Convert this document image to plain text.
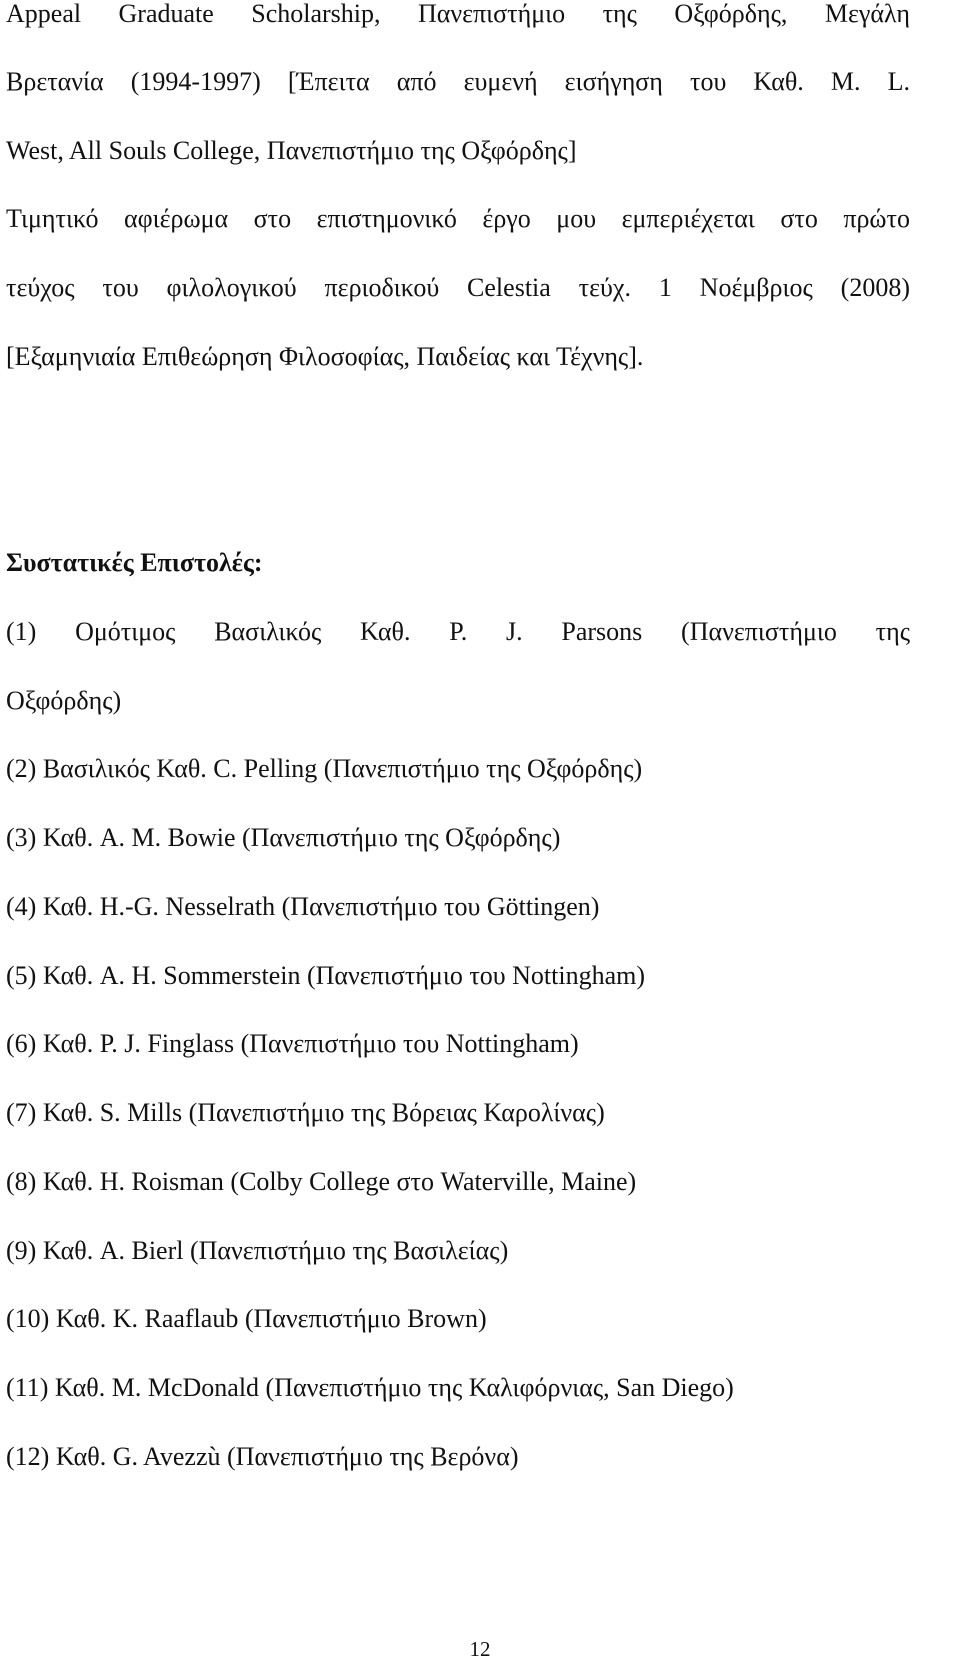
Appeal Graduate Scholarship, Πανεπιστήμιο της Οξφόρδης, Μεγάλη
Βρετανία (1994-1997) [Έπειτα από ευμενή εισήγηση του Καθ. Μ. L.
West, All Souls College, Πανεπιστήμιο της Οξφόρδης]
Τιμητικό αφιέρωμα στο επιστημονικό έργο μου εμπεριέχεται στο πρώτο
τεύχος του φιλολογικού περιοδικού Celestia τεύχ. 1 Νοέμβριος (2008)
[Εξαμηνιαία Επιθεώρηση Φιλοσοφίας, Παιδείας και Τέχνης].
Συστατικές Επιστολές:
(1) Ομότιμος Βασιλικός Καθ. P. J. Parsons (Πανεπιστήμιο της
Οξφόρδης)
(2) Βασιλικός Καθ. C. Pelling (Πανεπιστήμιο της Οξφόρδης)
(3) Καθ. A. M. Bowie (Πανεπιστήμιο της Οξφόρδης)
(4) Καθ. H.-G. Nesselrath (Πανεπιστήμιο του Göttingen)
(5) Καθ. A. H. Sommerstein (Πανεπιστήμιο του Nottingham)
(6) Καθ. P. J. Finglass (Πανεπιστήμιο του Nottingham)
(7) Καθ. S. Mills (Πανεπιστήμιο της Βόρειας Καρολίνας)
(8) Καθ. H. Roisman (Colby College στο Waterville, Maine)
(9) Καθ. A. Bierl (Πανεπιστήμιο της Βασιλείας)
(10) Καθ. K. Raaflaub (Πανεπιστήμιο Brown)
(11) Καθ. M. McDonald (Πανεπιστήμιο της Καλιφόρνιας, San Diego)
(12) Καθ. G. Avezzù (Πανεπιστήμιο της Βερόνα)
12
